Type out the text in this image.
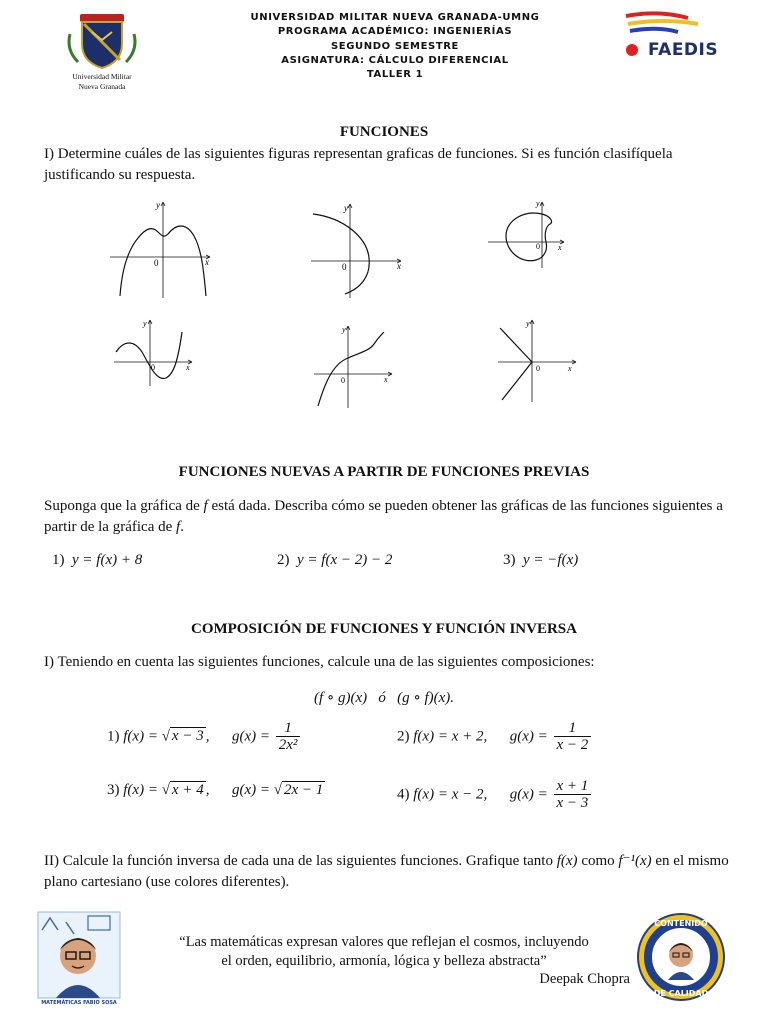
Universidad Militar
Nueva Granada
UNIVERSIDAD MILITAR NUEVA GRANADA-UMNG
PROGRAMA ACADÉMICO: INGENIERÍAS
SEGUNDO SEMESTRE
ASIGNATURA: CÁLCULO DIFERENCIAL
TALLER 1
FAEDIS
FUNCIONES
I) Determine cuáles de las siguientes figuras representan graficas de funciones. Si es función clasifíquela justificando su respuesta.
y
x
0
y
x
0
y
x
0
y
x
0
y
x
0
y
x
0
FUNCIONES NUEVAS A PARTIR DE FUNCIONES PREVIAS
Suponga que la gráfica de f está dada. Describa cómo se pueden obtener las gráficas de las funciones siguientes a partir de la gráfica de f.
1) y = f(x) + 8	2) y = f(x − 2) − 2	3) y = −f(x)
COMPOSICIÓN DE FUNCIONES Y FUNCIÓN INVERSA
I) Teniendo en cuenta las siguientes funciones, calcule una de las siguientes composiciones:
(f ∘ g)(x)   ó   (g ∘ f)(x).
1) f(x) = √ x − 3 ,      $g(x) = \frac{1}{\text{2x²}}$	2) f(x) = x + 2, $g(x) = \frac{1}{x - 2}$
3) f(x) = √ x + 4 ,      g(x) = √ 2x − 1	4) f(x) = x − 2, $g(x) = \frac{x + 1}{x - 3}$
II) Calcule la función inversa de cada una de las siguientes funciones. Grafique tanto f(x) como f⁻¹(x) en el mismo plano cartesiano (use colores diferentes).
MATEMÁTICAS FABIO SOSA
“Las matemáticas expresan valores que reflejan el cosmos, incluyendo
el orden, equilibrio, armonía, lógica y belleza abstracta”
Deepak Chopra
CONTENIDO
DE CALIDAD
